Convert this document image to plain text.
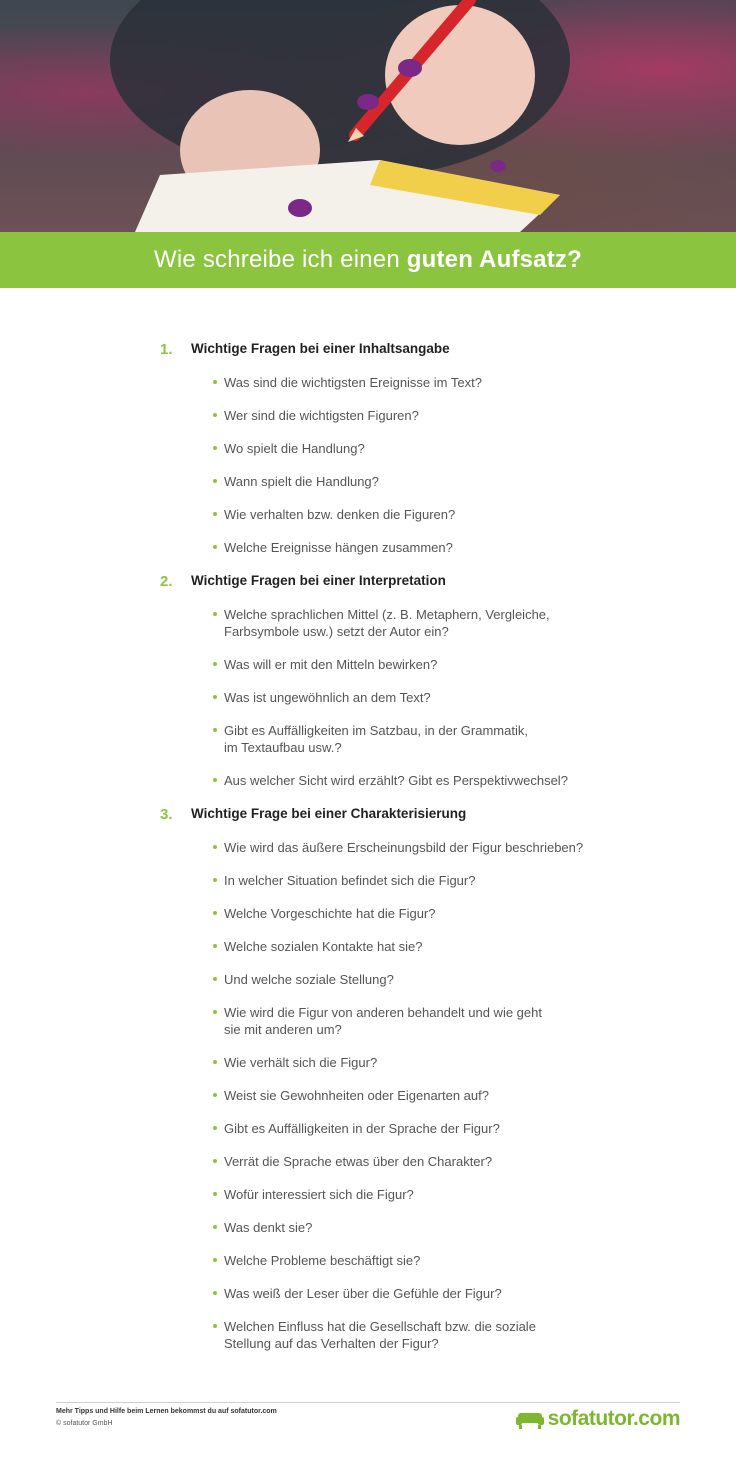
Wie schreibe ich einen guten Aufsatz?
1. Wichtige Fragen bei einer Inhaltsangabe
Was sind die wichtigsten Ereignisse im Text?
Wer sind die wichtigsten Figuren?
Wo spielt die Handlung?
Wann spielt die Handlung?
Wie verhalten bzw. denken die Figuren?
Welche Ereignisse hängen zusammen?
2. Wichtige Fragen bei einer Interpretation
Welche sprachlichen Mittel (z. B. Metaphern, Vergleiche,
Farbsymbole usw.) setzt der Autor ein?
Was will er mit den Mitteln bewirken?
Was ist ungewöhnlich an dem Text?
Gibt es Auffälligkeiten im Satzbau, in der Grammatik,
im Textaufbau usw.?
Aus welcher Sicht wird erzählt? Gibt es Perspektivwechsel?
3. Wichtige Frage bei einer Charakterisierung
Wie wird das äußere Erscheinungsbild der Figur beschrieben?
In welcher Situation befindet sich die Figur?
Welche Vorgeschichte hat die Figur?
Welche sozialen Kontakte hat sie?
Und welche soziale Stellung?
Wie wird die Figur von anderen behandelt und wie geht
sie mit anderen um?
Wie verhält sich die Figur?
Weist sie Gewohnheiten oder Eigenarten auf?
Gibt es Auffälligkeiten in der Sprache der Figur?
Verrät die Sprache etwas über den Charakter?
Wofür interessiert sich die Figur?
Was denkt sie?
Welche Probleme beschäftigt sie?
Was weiß der Leser über die Gefühle der Figur?
Welchen Einfluss hat die Gesellschaft bzw. die soziale
Stellung auf das Verhalten der Figur?
Mehr Tipps und Hilfe beim Lernen bekommst du auf sofatutor.com
© sofatutor GmbH	sofatutor.com
